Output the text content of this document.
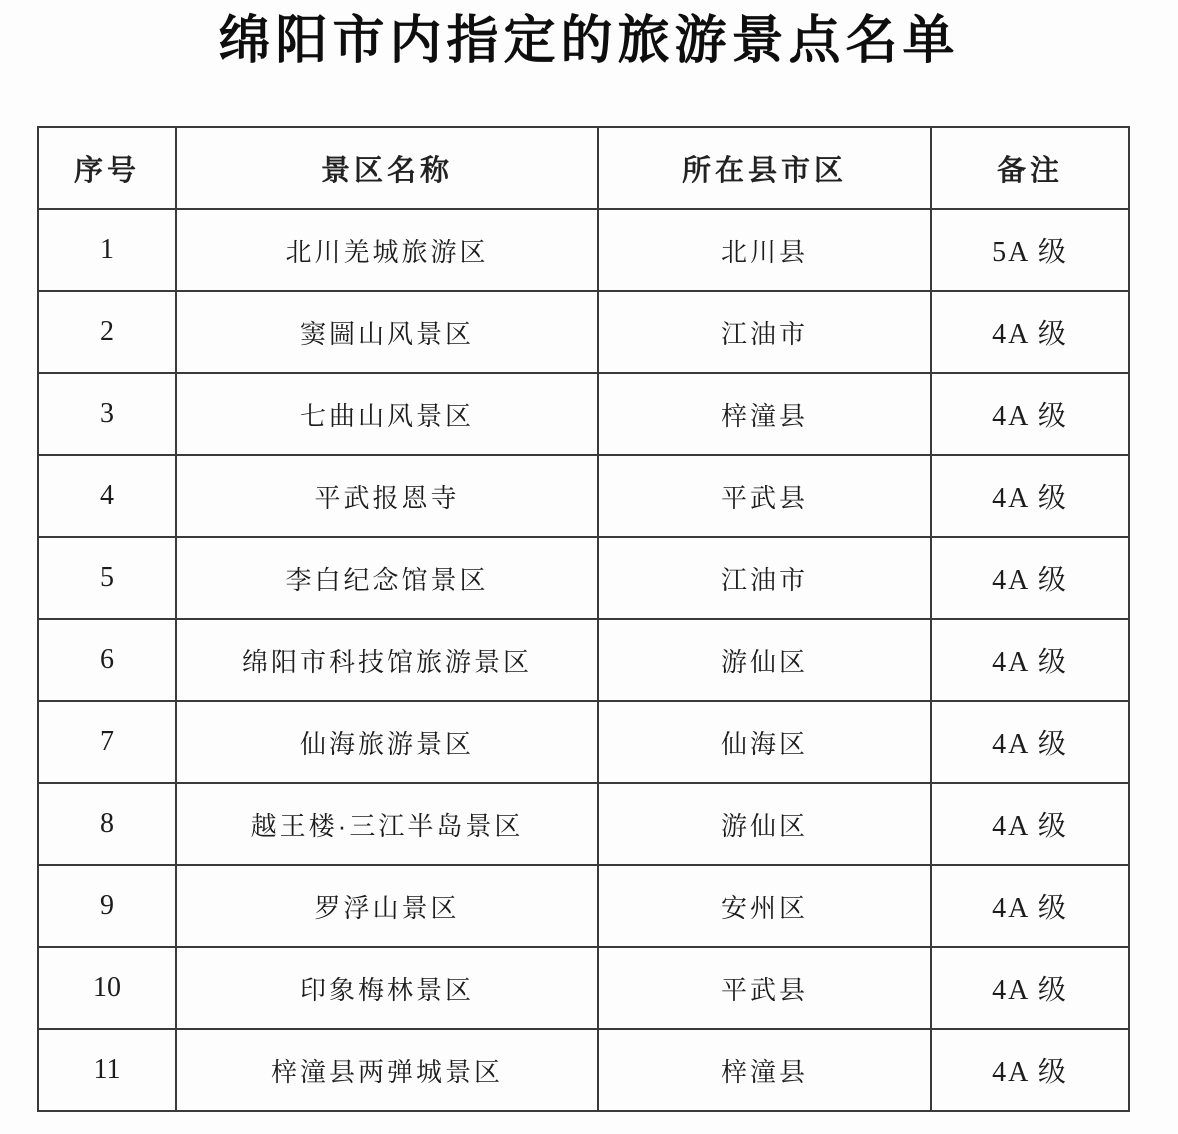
绵阳市内指定的旅游景点名单
序号	景区名称	所在县市区	备注
1	北川羌城旅游区	北川县	5A 级
2	窦圌山风景区	江油市	4A 级
3	七曲山风景区	梓潼县	4A 级
4	平武报恩寺	平武县	4A 级
5	李白纪念馆景区	江油市	4A 级
6	绵阳市科技馆旅游景区	游仙区	4A 级
7	仙海旅游景区	仙海区	4A 级
8	越王楼·三江半岛景区	游仙区	4A 级
9	罗浮山景区	安州区	4A 级
10	印象梅林景区	平武县	4A 级
11	梓潼县两弹城景区	梓潼县	4A 级
